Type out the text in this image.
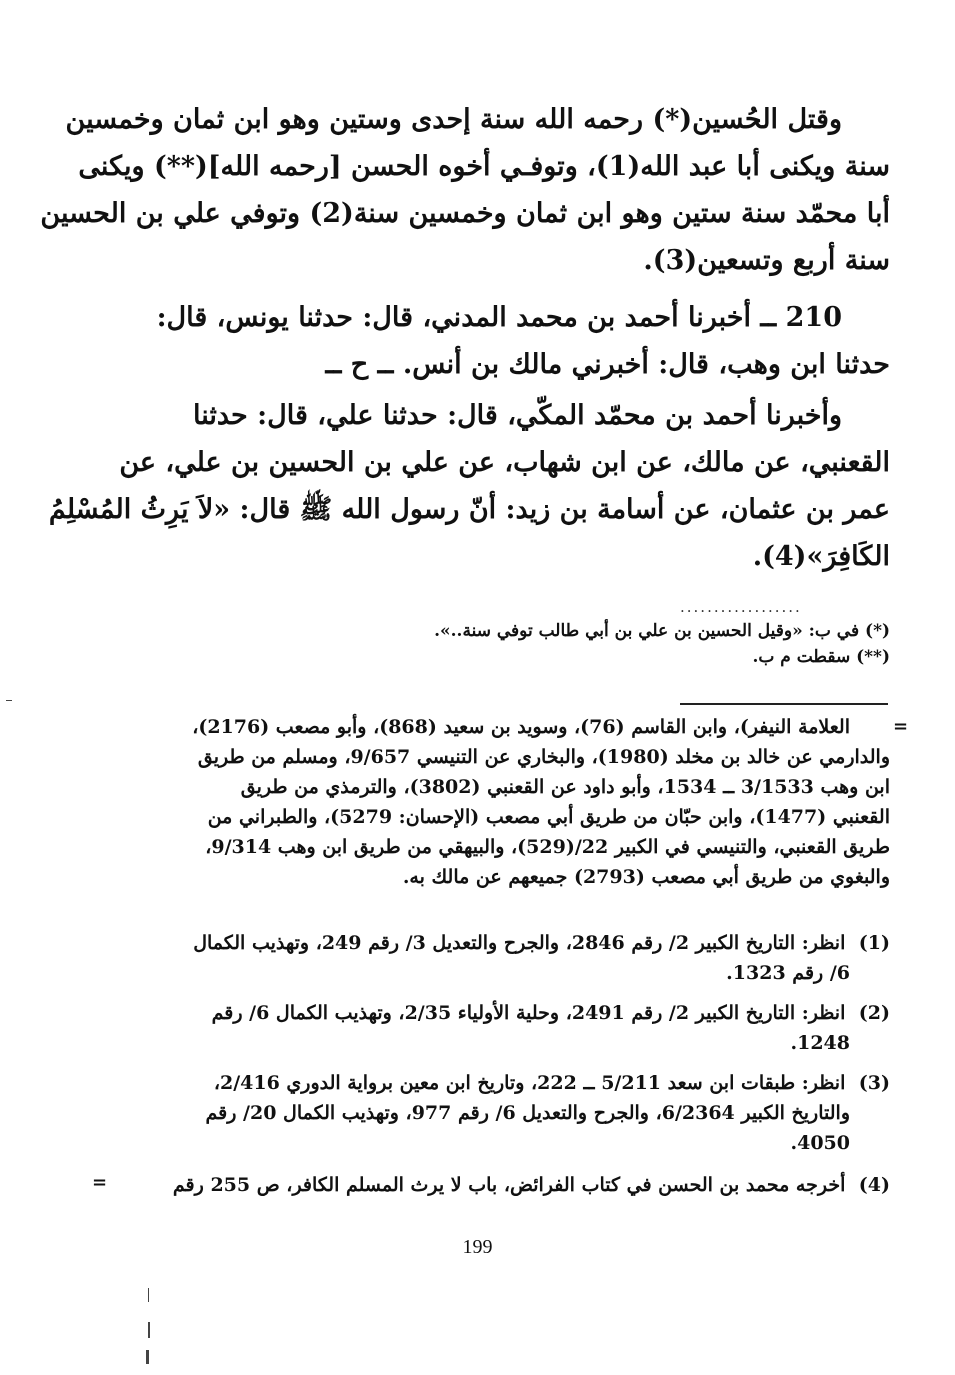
وقتل الحُسين(*) رحمه الله سنة إحدى وستين وهو ابن ثمان وخمسين
سنة ويكنى أبا عبد الله(1)، وتوفـي أخوه الحسن [رحمه الله](**) ويكنى
أبا محمّد سنة ستين وهو ابن ثمان وخمسين سنة(2) وتوفي علي بن الحسين
سنة أربع وتسعين(3).
210 ــ أخبرنا أحمد بن محمد المدني، قال: حدثنا يونس، قال:
حدثنا ابن وهب، قال: أخبرني مالك بن أنس. ــ ح ــ
وأخبرنا أحمد بن محمّد المكّي، قال: حدثنا علي، قال: حدثنا
القعنبي، عن مالك، عن ابن شهاب، عن علي بن الحسين بن علي، عن
عمر بن عثمان، عن أسامة بن زيد: أنّ رسول الله ﷺ قال: «لاَ يَرِثُ المُسْلِمُ
الكَافِرَ»(4).
..................
(*) في ب: «وقيل الحسين بن علي بن أبي طالب توفي سنة..».
(**) سقطت م ب.
=
العلامة النيفر)، وابن القاسم (76)، وسويد بن سعيد (868)، وأبو مصعب (2176)،
والدارمي عن خالد بن مخلد (1980)، والبخاري عن التنيسي 9/657، ومسلم من طريق
ابن وهب 3/1533 ــ 1534، وأبو داود عن القعنبي (3802)، والترمذي من طريق
القعنبي (1477)، وابن حبّان من طريق أبي مصعب (الإحسان: 5279)، والطبراني من
طريق القعنبي، والتنيسي في الكبير 22/(529)، والبيهقي من طريق ابن وهب 9/314،
والبغوي من طريق أبي مصعب (2793) جميعهم عن مالك به.
(1) انظر: التاريخ الكبير 2/ رقم 2846، والجرح والتعديل 3/ رقم 249، وتهذيب الكمال
6/ رقم 1323.
(2) انظر: التاريخ الكبير 2/ رقم 2491، وحلية الأولياء 2/35، وتهذيب الكمال 6/ رقم
1248.
(3) انظر: طبقات ابن سعد 5/211 ــ 222، وتاريخ ابن معين برواية الدوري 2/416،
والتاريخ الكبير 6/2364، والجرح والتعديل 6/ رقم 977، وتهذيب الكمال 20/ رقم
4050.
(4) أخرجه محمد بن الحسن في كتاب الفرائض، باب لا يرث المسلم الكافر، ص 255 رقم
=
199
